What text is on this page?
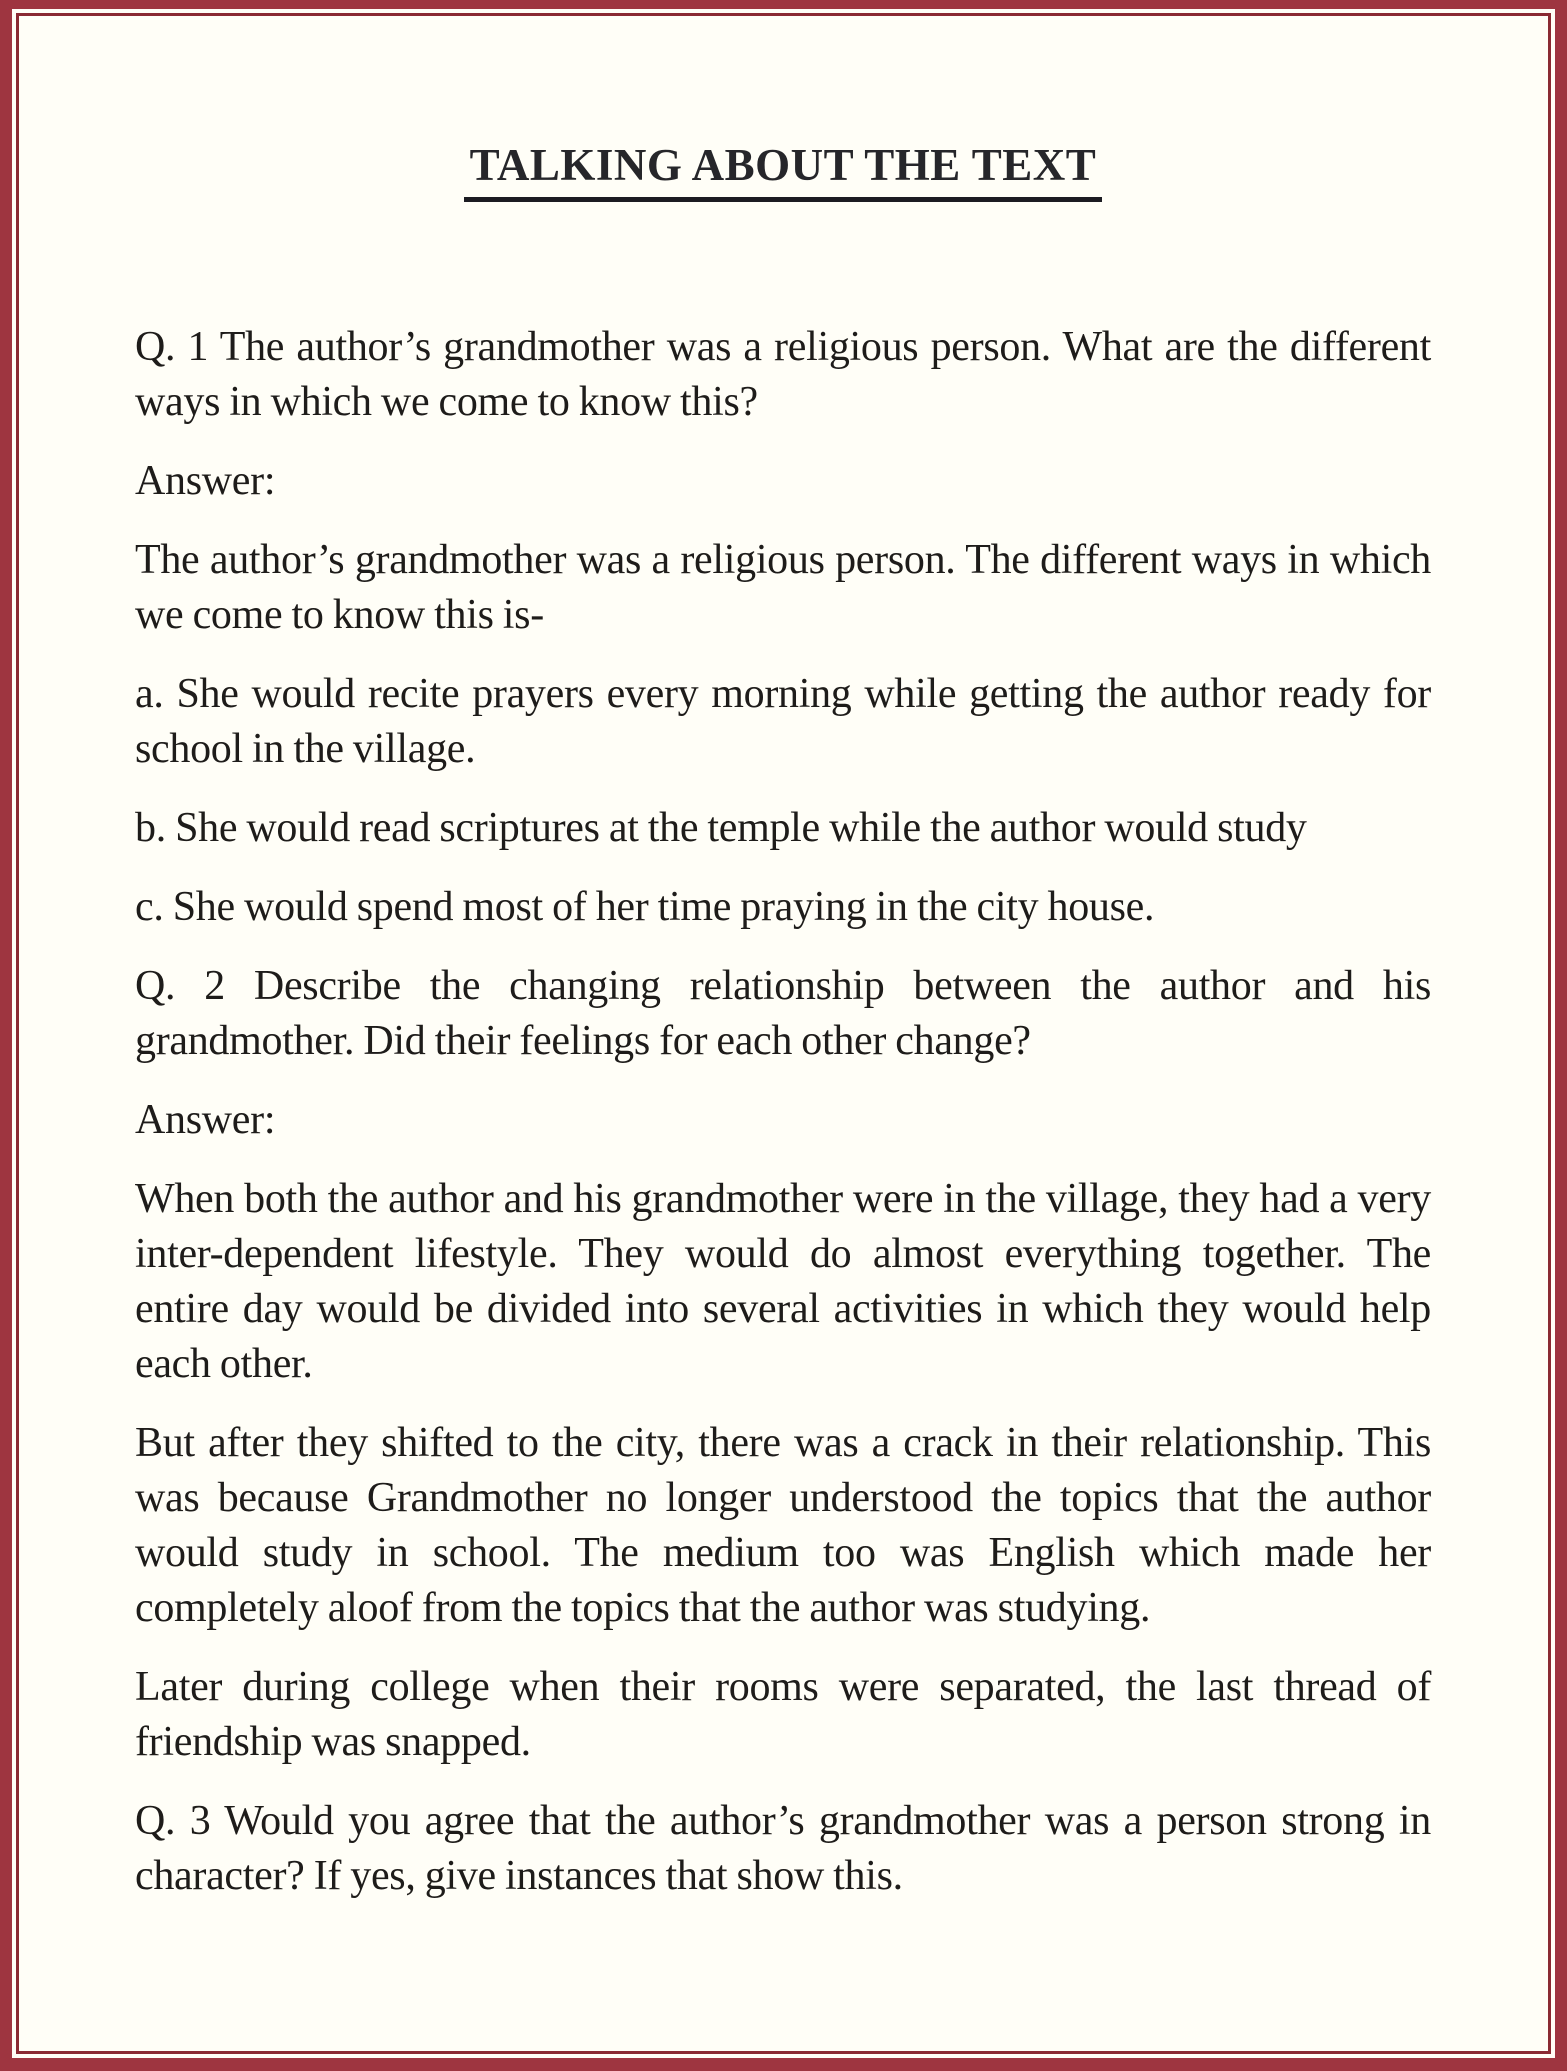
TALKING ABOUT THE TEXT

Q. 1 The author’s grandmother was a religious person. What are the different ways in which we come to know this?

Answer:

The author’s grandmother was a religious person. The different ways in which we come to know this is-

a. She would recite prayers every morning while getting the author ready for school in the village.

b. She would read scriptures at the temple while the author would study

c. She would spend most of her time praying in the city house.

Q. 2 Describe the changing relationship between the author and his grandmother. Did their feelings for each other change?

Answer:

When both the author and his grandmother were in the village, they had a very inter-dependent lifestyle. They would do almost everything together. The entire day would be divided into several activities in which they would help each other.

But after they shifted to the city, there was a crack in their relationship. This was because Grandmother no longer understood the topics that the author would study in school. The medium too was English which made her completely aloof from the topics that the author was studying.

Later during college when their rooms were separated, the last thread of friendship was snapped.

Q. 3 Would you agree that the author’s grandmother was a person strong in character? If yes, give instances that show this.
